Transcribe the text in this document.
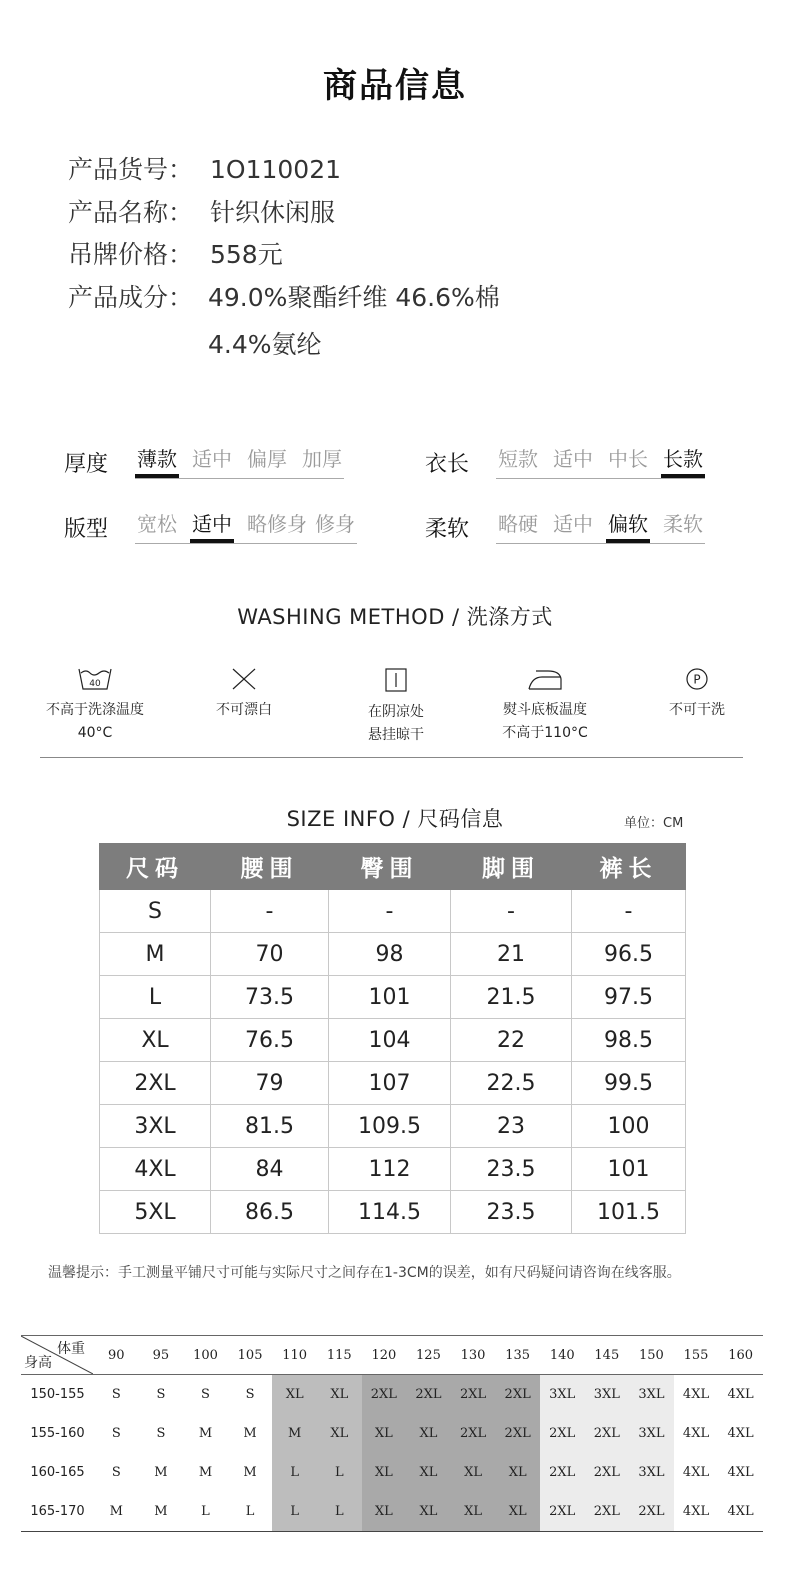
商品信息
产品货号： 1O110021
产品名称： 针织休闲服
吊牌价格： 558元
产品成分： 49.0%聚酯纤维 46.6%棉
4.4%氨纶
厚度 薄款 适中 偏厚 加厚	衣长 短款 适中 中长 长款
版型 宽松 适中 略修身 修身	柔软 略硬 适中 偏软 柔软
WASHING METHOD / 洗涤方式
40
不高于洗涤温度
40°C
不可漂白	在阴凉处
悬挂晾干
熨斗底板温度
不高于110°C
P
不可干洗
SIZE INFO / 尺码信息	单位：CM
尺码	腰围	臀围	脚围	裤长
S	-	-	-	-
M	70	98	21	96.5
L	73.5	101	21.5	97.5
XL	76.5	104	22	98.5
2XL	79	107	22.5	99.5
3XL	81.5	109.5	23	100
4XL	84	112	23.5	101
5XL	86.5	114.5	23.5	101.5
温馨提示：手工测量平铺尺寸可能与实际尺寸之间存在1-3CM的误差，如有尺码疑问请咨询在线客服。
体重
身高	90	95	100	105	110	115	120	125	130	135	140	145	150	155	160
150-155	S	S	S	S	XL	XL	2XL	2XL	2XL	2XL	3XL	3XL	3XL	4XL	4XL
155-160	S	S	M	M	M	XL	XL	XL	2XL	2XL	2XL	2XL	3XL	4XL	4XL
160-165	S	M	M	M	L	L	XL	XL	XL	XL	2XL	2XL	3XL	4XL	4XL
165-170	M	M	L	L	L	L	XL	XL	XL	XL	2XL	2XL	2XL	4XL	4XL
